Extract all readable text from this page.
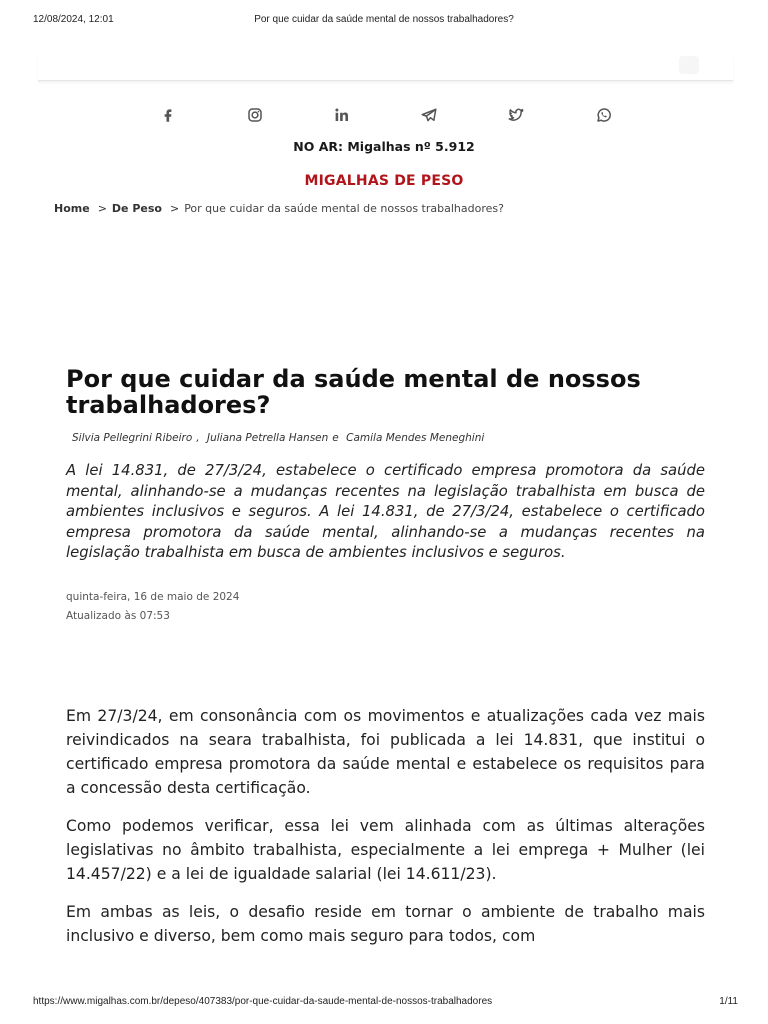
12/08/2024, 12:01	Por que cuidar da saúde mental de nossos trabalhadores?
NO AR: Migalhas nº 5.912
MIGALHAS DE PESO
Home > De Peso > Por que cuidar da saúde mental de nossos trabalhadores?
Por que cuidar da saúde mental de nossos trabalhadores?
Silvia Pellegrini Ribeiro , Juliana Petrella Hansen e Camila Mendes Meneghini

A lei 14.831, de 27/3/24, estabelece o certificado empresa promotora da saúde mental, alinhando-se a mudanças recentes na legislação trabalhista em busca de ambientes inclusivos e seguros. A lei 14.831, de 27/3/24, estabelece o certificado empresa promotora da saúde mental, alinhando-se a mudanças recentes na legislação trabalhista em busca de ambientes inclusivos e seguros.

quinta-feira, 16 de maio de 2024
Atualizado às 07:53

Em 27/3/24, em consonância com os movimentos e atualizações cada vez mais reivindicados na seara trabalhista, foi publicada a lei 14.831, que institui o certificado empresa promotora da saúde mental e estabelece os requisitos para a concessão desta certificação.

Como podemos verificar, essa lei vem alinhada com as últimas alterações legislativas no âmbito trabalhista, especialmente a lei emprega + Mulher (lei 14.457/22) e a lei de igualdade salarial (lei 14.611/23).

Em ambas as leis, o desafio reside em tornar o ambiente de trabalho mais inclusivo e diverso, bem como mais seguro para todos, com

https://www.migalhas.com.br/depeso/407383/por-que-cuidar-da-saude-mental-de-nossos-trabalhadores	1/11
